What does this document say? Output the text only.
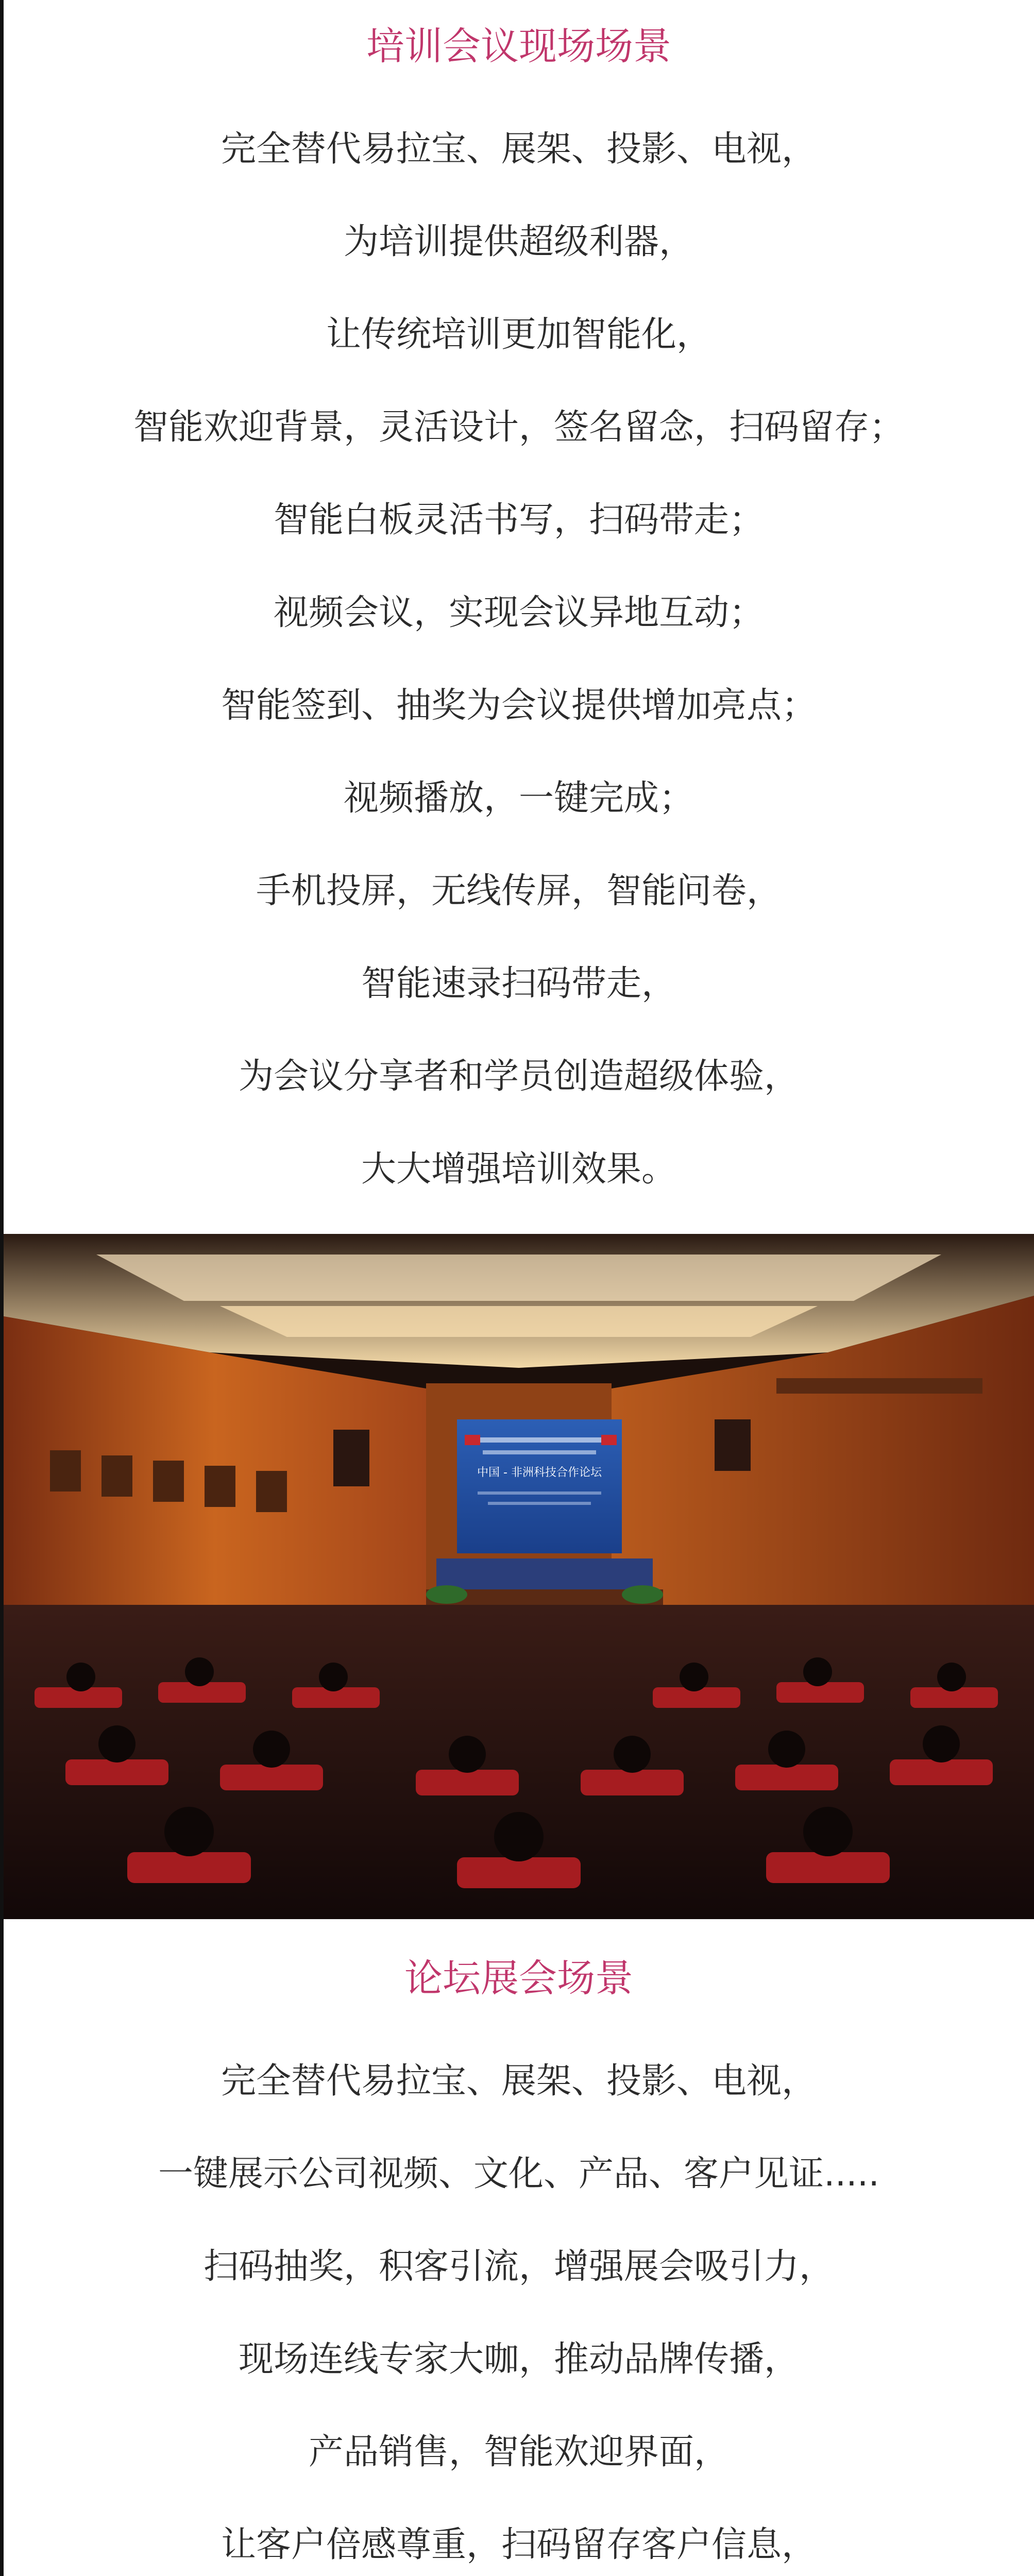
培训会议现场场景

完全替代易拉宝、展架、投影、电视，

为培训提供超级利器，

让传统培训更加智能化，

智能欢迎背景，灵活设计，签名留念，扫码留存；

智能白板灵活书写，扫码带走；

视频会议，实现会议异地互动；

智能签到、抽奖为会议提供增加亮点；

视频播放，一键完成；

手机投屏，无线传屏，智能问卷，

智能速录扫码带走，

为会议分享者和学员创造超级体验，

大大增强培训效果。

中国 - 非洲科技合作论坛
论坛展会场景

完全替代易拉宝、展架、投影、电视，

一键展示公司视频、文化、产品、客户见证.....

扫码抽奖，积客引流，增强展会吸引力，

现场连线专家大咖，推动品牌传播，

产品销售，智能欢迎界面，

让客户倍感尊重，扫码留存客户信息，
